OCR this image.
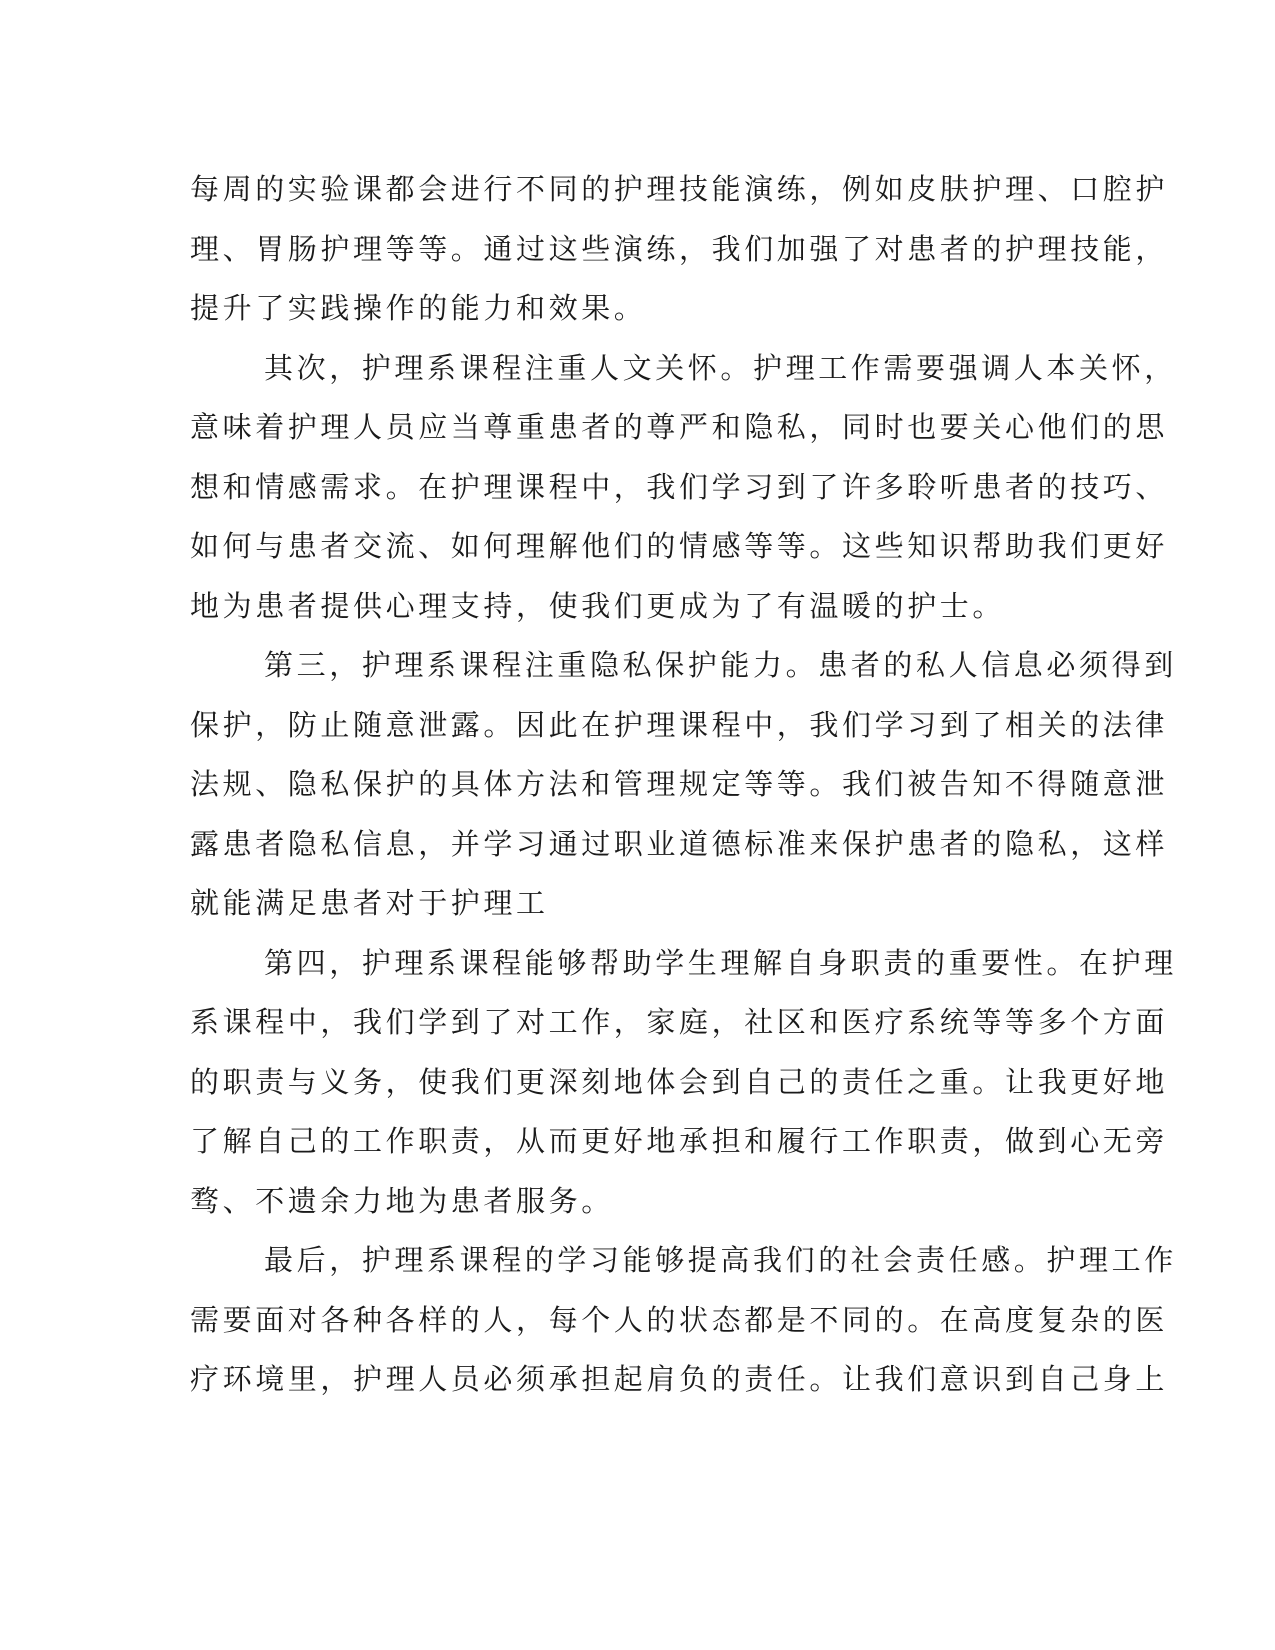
每周的实验课都会进行不同的护理技能演练，例如皮肤护理、口腔护
理、胃肠护理等等。通过这些演练，我们加强了对患者的护理技能，
提升了实践操作的能力和效果。
其次，护理系课程注重人文关怀。护理工作需要强调人本关怀，
意味着护理人员应当尊重患者的尊严和隐私，同时也要关心他们的思
想和情感需求。在护理课程中，我们学习到了许多聆听患者的技巧、
如何与患者交流、如何理解他们的情感等等。这些知识帮助我们更好
地为患者提供心理支持，使我们更成为了有温暖的护士。
第三，护理系课程注重隐私保护能力。患者的私人信息必须得到
保护，防止随意泄露。因此在护理课程中，我们学习到了相关的法律
法规、隐私保护的具体方法和管理规定等等。我们被告知不得随意泄
露患者隐私信息，并学习通过职业道德标准来保护患者的隐私，这样
就能满足患者对于护理工
第四，护理系课程能够帮助学生理解自身职责的重要性。在护理
系课程中，我们学到了对工作，家庭，社区和医疗系统等等多个方面
的职责与义务，使我们更深刻地体会到自己的责任之重。让我更好地
了解自己的工作职责，从而更好地承担和履行工作职责，做到心无旁
骛、不遗余力地为患者服务。
最后，护理系课程的学习能够提高我们的社会责任感。护理工作
需要面对各种各样的人，每个人的状态都是不同的。在高度复杂的医
疗环境里，护理人员必须承担起肩负的责任。让我们意识到自己身上
